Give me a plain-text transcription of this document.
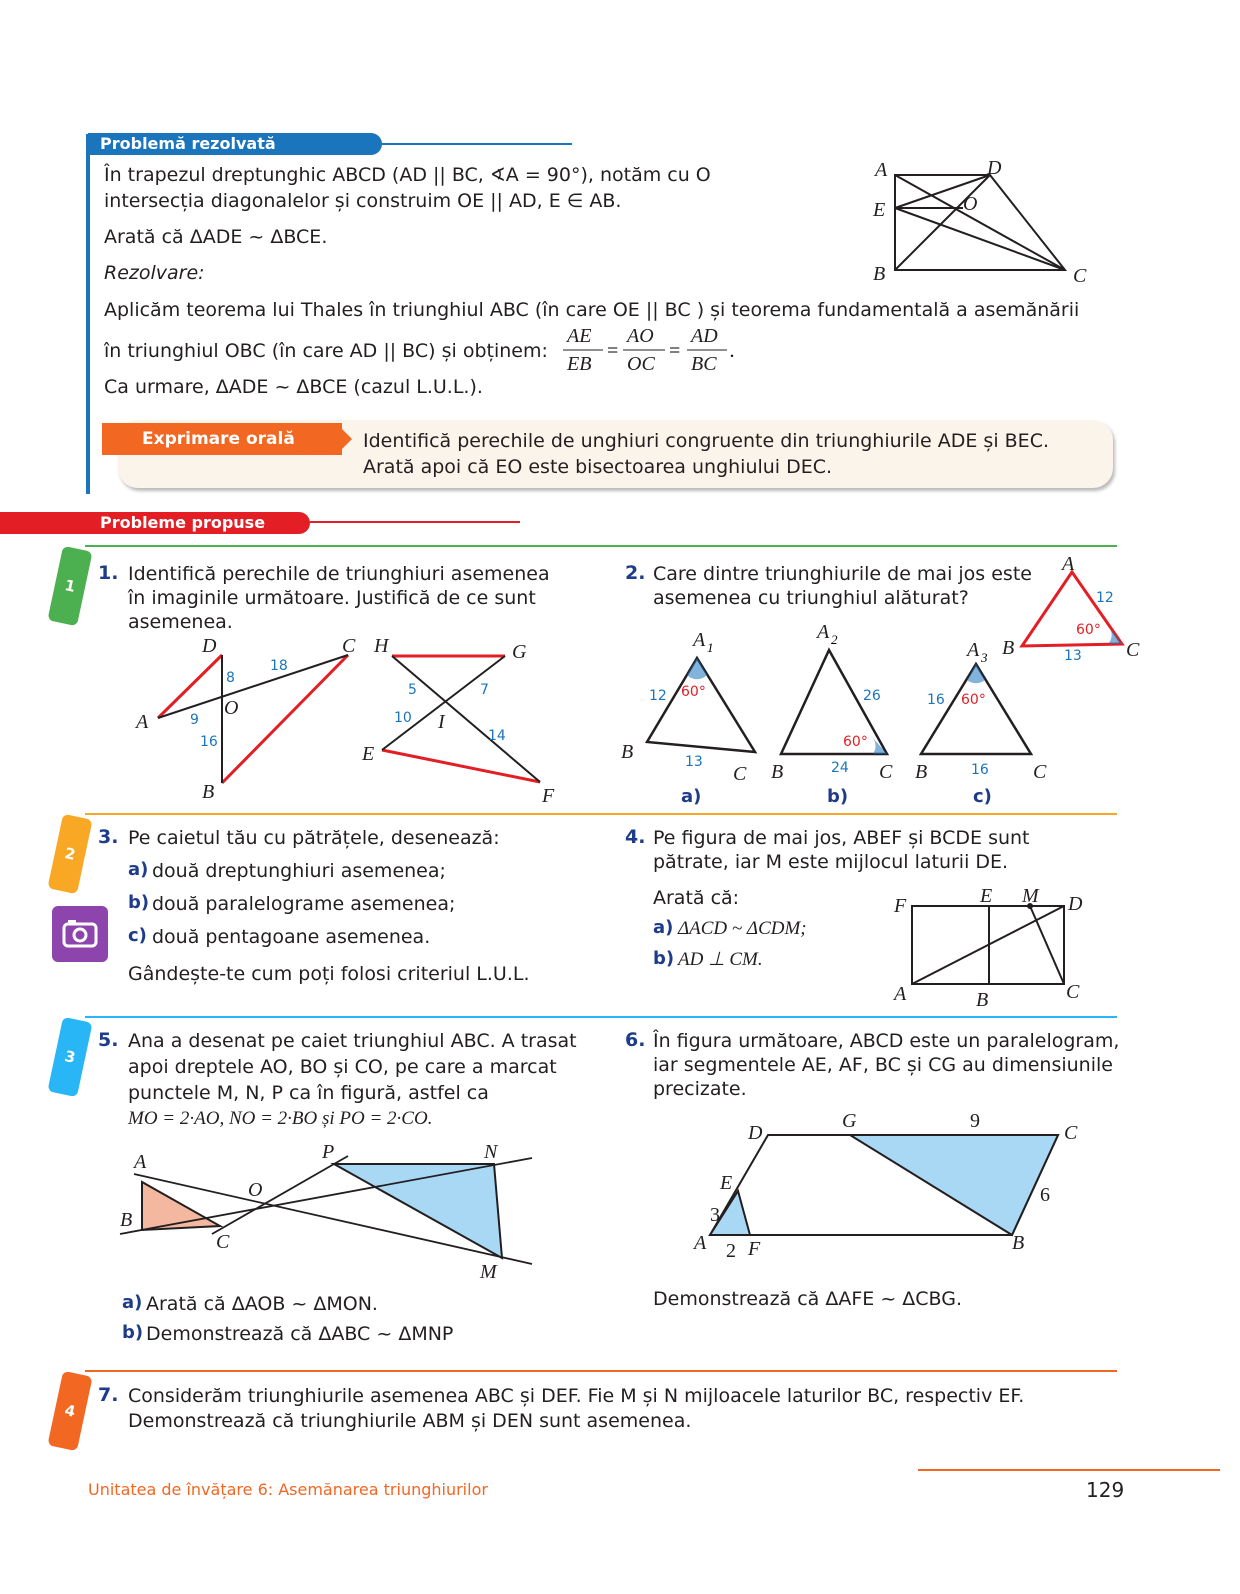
Problemă rezolvată
În trapezul dreptunghic ABCD (AD || BC, ∢A = 90°), notăm cu O
intersecția diagonalelor și construim OE || AD, E ∈ AB.
Arată că ΔADE ~ ΔBCE.
Rezolvare:
Aplicăm teorema lui Thales în triunghiul ABC (în care OE || BC ) și teorema fundamentală a asemănării
în triunghiul OBC (în care AD || BC) și obținem:
AE
EB
=
AO
OC
=
AD
BC
.
Ca urmare, ΔADE ~ ΔBCE (cazul L.U.L.).
A	D
E	O
B	C
Exprimare orală	Identifică perechile de unghiuri congruente din triunghiurile ADE și BEC.
Arată apoi că EO este bisectoarea unghiului DEC.
Probleme propuse
1
2
3
4
1. Identifică perechile de triunghiuri asemenea
în imaginile următoare. Justifică de ce sunt
asemenea.
D	C
A
O
B
8
18
9
16
H	G
I
E
F
5	7
10
14
2. Care dintre triunghiurile de mai jos este
asemenea cu triunghiul alăturat?
A
B	C
12
13
60°
A 1
B
C
12
13
60°
a)
A 2
B	C
26
24
60°
b)
A 3
B	C
16
16
60°
c)
3. Pe caietul tău cu pătrățele, desenează:
a) două dreptunghiuri asemenea;
b) două paralelograme asemenea;
c) două pentagoane asemenea.
Gândește-te cum poți folosi criteriul L.U.L.
4. Pe figura de mai jos, ABEF și BCDE sunt
pătrate, iar M este mijlocul laturii DE.
Arată că:
a) ΔACD ~ ΔCDM;
b) AD ⊥ CM.
F	E M D
A	B	C
5. Ana a desenat pe caiet triunghiul ABC. A trasat
apoi dreptele AO, BO și CO, pe care a marcat
punctele M, N, P ca în figură, astfel ca
MO = 2·AO, NO = 2·BO și PO = 2·CO.
A
B
C
O
P	N
M
a) Arată că ΔAOB ~ ΔMON.
b) Demonstrează că ΔABC ~ ΔMNP
6. În figura următoare, ABCD este un paralelogram,
iar segmentele AE, AF, BC și CG au dimensiunile
precizate.
D
G
C
E
A F	B
9
6
3
2
Demonstrează că ΔAFE ~ ΔCBG.
7. Considerăm triunghiurile asemenea ABC și DEF. Fie M și N mijloacele laturilor BC, respectiv EF.
Demonstrează că triunghiurile ABM și DEN sunt asemenea.
Unitatea de învățare 6: Asemănarea triunghiurilor	129
